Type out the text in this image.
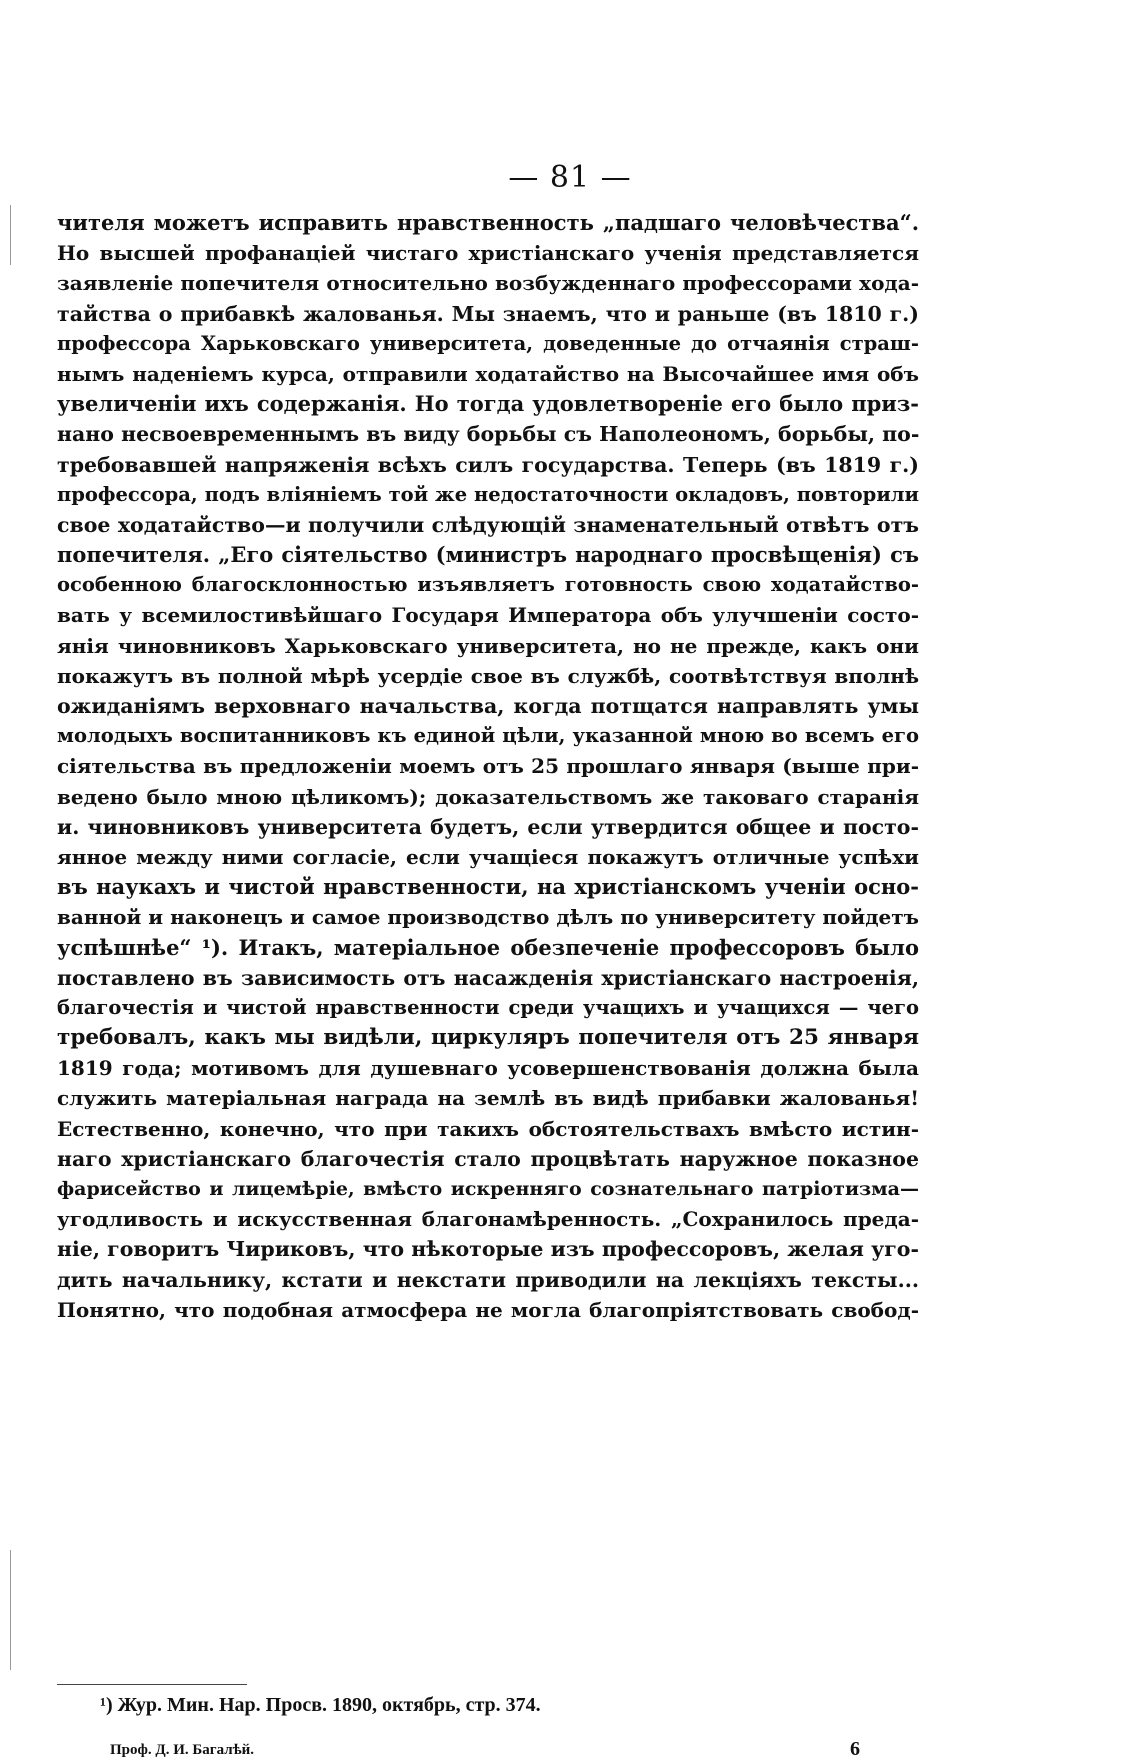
— 81 —
чителя можетъ исправить нравственность „падшаго человѣчества“.
Но высшей профанацiей чистаго христiанскаго ученiя представляется
заявленiе попечителя относительно возбужденнаго профессорами хода-
тайства о прибавкѣ жалованья. Мы знаемъ, что и раньше (въ 1810 г.)
профессора Харьковскаго университета, доведенные до отчаянiя страш-
нымъ наденiемъ курса, отправили ходатайство на Высочайшее имя объ
увеличенiи ихъ содержанiя. Но тогда удовлетворенiе его было приз-
нано несвоевременнымъ въ виду борьбы съ Наполеономъ, борьбы, по-
требовавшей напряженiя всѣхъ силъ государства. Теперь (въ 1819 г.)
профессора, подъ влiянiемъ той же недостаточности окладовъ, повторили
свое ходатайство—и получили слѣдующiй знаменательный отвѣтъ отъ
попечителя. „Его сiятельство (министръ народнаго просвѣщенiя) съ
особенною благосклонностью изъявляетъ готовность свою ходатайство-
вать у всемилостивѣйшаго Государя Императора объ улучшенiи состо-
янiя чиновниковъ Харьковскаго университета, но не прежде, какъ они
покажутъ въ полной мѣрѣ усердiе свое въ службѣ, соотвѣтствуя вполнѣ
ожиданiямъ верховнаго начальства, когда потщатся направлять умы
молодыхъ воспитанниковъ къ единой цѣли, указанной мною во всемъ его
сiятельства въ предложенiи моемъ отъ 25 прошлаго января (выше при-
ведено было мною цѣликомъ); доказательствомъ же таковаго старанiя
и. чиновниковъ университета будетъ, если утвердится общее и посто-
янное между ними согласiе, если учащiеся покажутъ отличные успѣхи
въ наукахъ и чистой нравственности, на христiанскомъ ученiи осно-
ванной и наконецъ и самое производство дѣлъ по университету пойдетъ
успѣшнѣе“ ¹). Итакъ, матерiальное обезпеченiе профессоровъ было
поставлено въ зависимость отъ насажденiя христiанскаго настроенiя,
благочестiя и чистой нравственности среди учащихъ и учащихся — чего
требовалъ, какъ мы видѣли, циркуляръ попечителя отъ 25 января
1819 года; мотивомъ для душевнаго усовершенствованiя должна была
служить матерiальная награда на землѣ въ видѣ прибавки жалованья!
Естественно, конечно, что при такихъ обстоятельствахъ вмѣсто истин-
наго христiанскаго благочестiя стало процвѣтать наружное показное
фарисейство и лицемѣрiе, вмѣсто искренняго сознательнаго патрiотизма—
угодливость и искусственная благонамѣренность. „Сохранилось преда-
нiе, говоритъ Чириковъ, что нѣкоторые изъ профессоровъ, желая уго-
дить начальнику, кстати и некстати приводили на лекцiяхъ тексты...
Понятно, что подобная атмосфера не могла благопрiятствовать свобод-
¹) Жур. Мин. Нар. Просв. 1890, октябрь, стр. 374.
Проф. Д. И. Багалѣй.	6
